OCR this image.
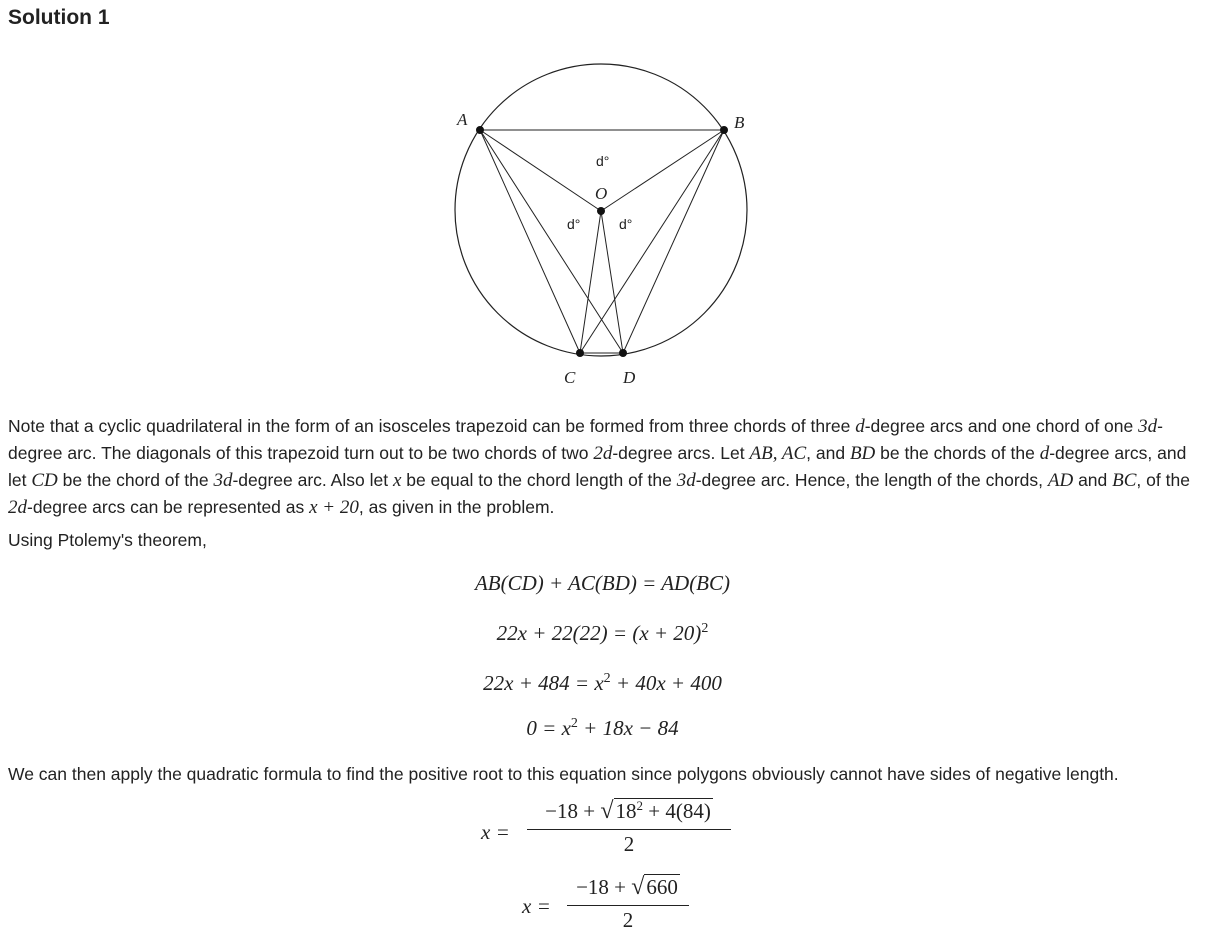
Solution 1
A	B
O
C	D
d°
d°	d°
Note that a cyclic quadrilateral in the form of an isosceles trapezoid can be formed from three chords of three d-degree arcs and one chord of one 3d-degree arc. The diagonals of this trapezoid turn out to be two chords of two 2d-degree arcs. Let AB, AC, and BD be the chords of the d-degree arcs, and let CD be the chord of the 3d-degree arc. Also let x be equal to the chord length of the 3d-degree arc. Hence, the length of the chords, AD and BC, of the 2d-degree arcs can be represented as x + 20, as given in the problem.
Using Ptolemy's theorem,
AB(CD) + AC(BD) = AD(BC)
$22x + 22(22) = (x + 20)^2$
$22x + 484 = x^2 + 40x + 400$
$0 = x^2 + 18x - 84$
We can then apply the quadratic formula to find the positive root to this equation since polygons obviously cannot have sides of negative length.
x =
$-18 + √18^2 + 4(84)$
2
x =
−18 + √660
2
